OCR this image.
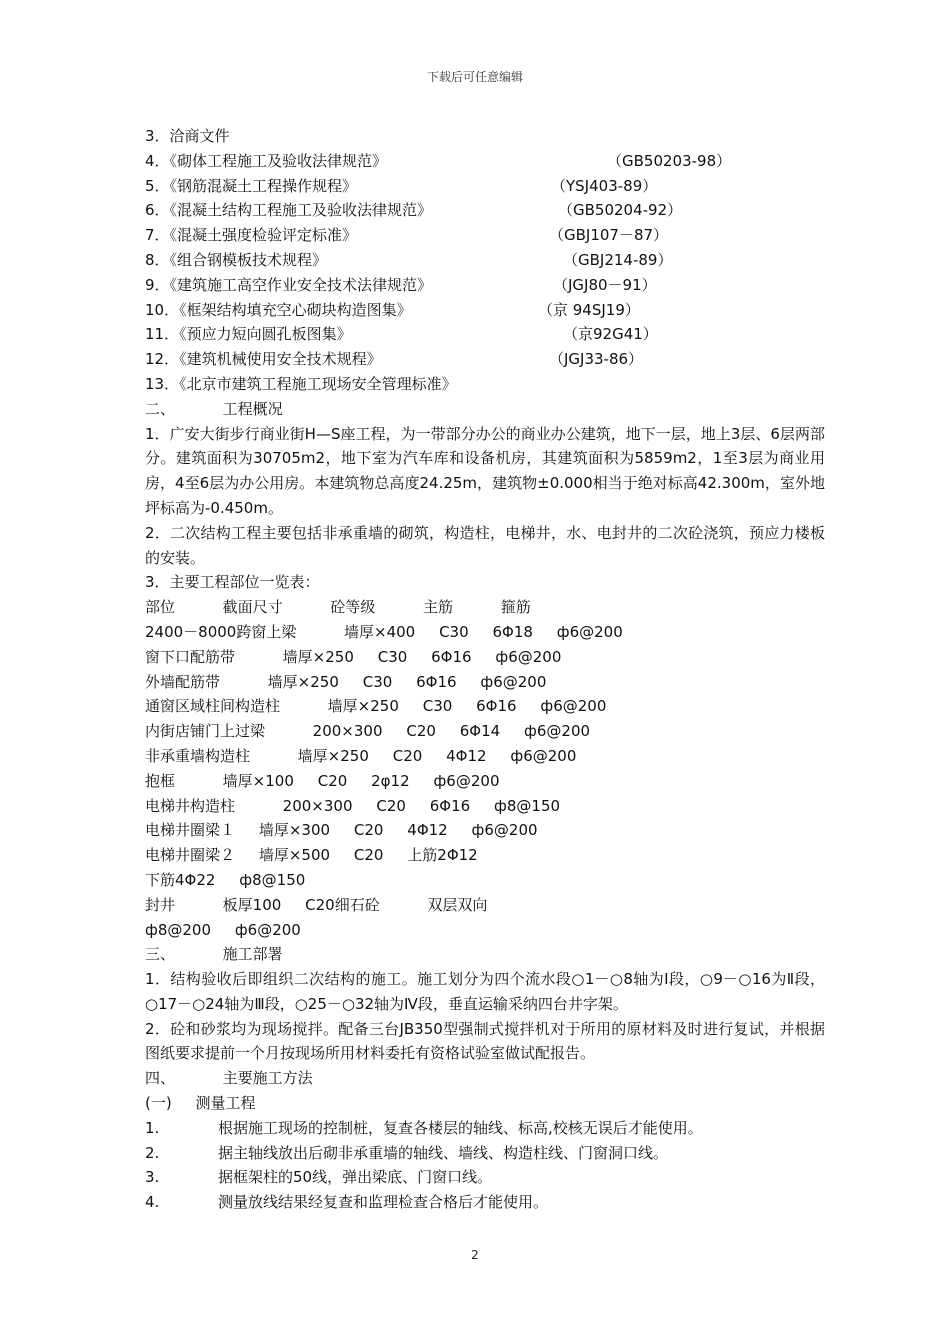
下载后可任意编辑
3．洽商文件
4．《砌体工程施工及验收法律规范》	（GB50203-98）
5．《钢筋混凝土工程操作规程》	（YSJ403-89）
6．《混凝土结构工程施工及验收法律规范》	（GB50204-92）
7．《混凝土强度检验评定标准》	（GBJ107－87）
8．《组合钢模板技术规程》	（GBJ214-89）
9．《建筑施工高空作业安全技术法律规范》	（JGJ80－91）
10．《框架结构填充空心砌块构造图集》	（京 94SJ19）
11．《预应力短向圆孔板图集》	（京92G41）
12．《建筑机械使用安全技术规程》	（JGJ33-86）
13．《北京市建筑工程施工现场安全管理标准》
二、          工程概况
1．广安大街步行商业街H—S座工程，为一带部分办公的商业办公建筑，地下一层，地上3层、6层两部分。建筑面积为30705m2，地下室为汽车库和设备机房，其建筑面积为5859m2，1至3层为商业用房，4至6层为办公用房。本建筑物总高度24.25m，建筑物±0.000相当于绝对标高42.300m，室外地坪标高为-0.450m。
2．二次结构工程主要包括非承重墙的砌筑，构造柱，电梯井，水、电封井的二次砼浇筑，预应力楼板的安装。
3．主要工程部位一览表：
部位          截面尺寸          砼等级          主筋          箍筋
2400－8000跨窗上梁          墙厚×400     C30     6Φ18     ф6@200
窗下口配筋带          墙厚×250     C30     6Φ16     ф6@200
外墙配筋带          墙厚×250     C30     6Φ16     ф6@200
通窗区域柱间构造柱          墙厚×250     C30     6Φ16     ф6@200
内街店铺门上过梁          200×300     C20     6Φ14     ф6@200
非承重墙构造柱          墙厚×250     C20     4Φ12     ф6@200
抱框          墙厚×100     C20     2φ12     ф6@200
电梯井构造柱          200×300     C20     6Φ16     ф8@150
电梯井圈梁１     墙厚×300     C20     4Φ12     ф6@200
电梯井圈梁２     墙厚×500     C20     上筋2Φ12
下筋4Φ22     ф8@150
封井          板厚100     C20细石砼          双层双向
ф8@200     ф6@200
三、          施工部署
1．结构验收后即组织二次结构的施工。施工划分为四个流水段○1－○8轴为Ⅰ段，○9－○16为Ⅱ段，○17－○24轴为Ⅲ段，○25－○32轴为Ⅳ段，垂直运输采纳四台井字架。
2．砼和砂浆均为现场搅拌。配备三台JB350型强制式搅拌机对于所用的原材料及时进行复试，并根据图纸要求提前一个月按现场所用材料委托有资格试验室做试配报告。
四、          主要施工方法
(一)     测量工程
1.	根据施工现场的控制桩，复查各楼层的轴线、标高,校核无误后才能使用。
2.	据主轴线放出后砌非承重墙的轴线、墙线、构造柱线、门窗洞口线。
3.	据框架柱的50线，弹出梁底、门窗口线。
4.	测量放线结果经复查和监理检查合格后才能使用。
2
